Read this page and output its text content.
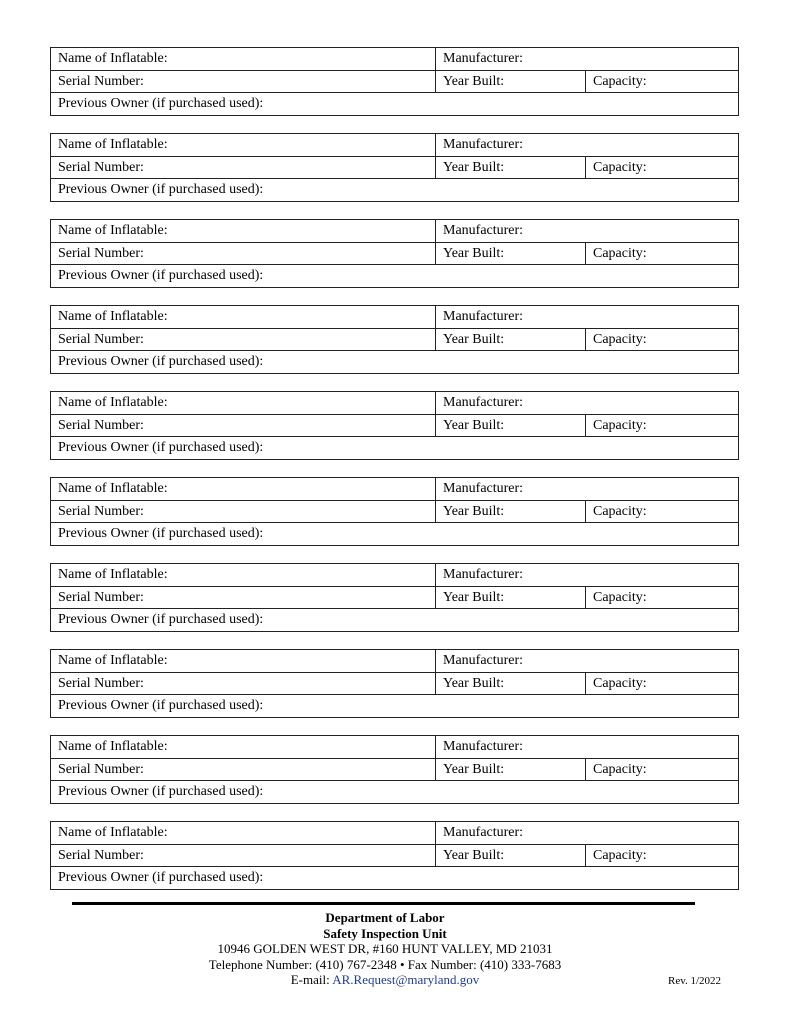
Name of Inflatable:	Manufacturer:	
Serial Number:	Year Built:	Capacity:
Previous Owner (if purchased used):		
Name of Inflatable:	Manufacturer:	
Serial Number:	Year Built:	Capacity:
Previous Owner (if purchased used):		
Name of Inflatable:	Manufacturer:	
Serial Number:	Year Built:	Capacity:
Previous Owner (if purchased used):		
Name of Inflatable:	Manufacturer:	
Serial Number:	Year Built:	Capacity:
Previous Owner (if purchased used):		
Name of Inflatable:	Manufacturer:	
Serial Number:	Year Built:	Capacity:
Previous Owner (if purchased used):		
Name of Inflatable:	Manufacturer:	
Serial Number:	Year Built:	Capacity:
Previous Owner (if purchased used):		
Name of Inflatable:	Manufacturer:	
Serial Number:	Year Built:	Capacity:
Previous Owner (if purchased used):		
Name of Inflatable:	Manufacturer:	
Serial Number:	Year Built:	Capacity:
Previous Owner (if purchased used):		
Name of Inflatable:	Manufacturer:	
Serial Number:	Year Built:	Capacity:
Previous Owner (if purchased used):		
Name of Inflatable:	Manufacturer:	
Serial Number:	Year Built:	Capacity:
Previous Owner (if purchased used):		
Department of Labor
Safety Inspection Unit
10946 GOLDEN WEST DR, #160 HUNT VALLEY, MD 21031
Telephone Number: (410) 767-2348 • Fax Number: (410) 333-7683
E-mail: AR.Request@maryland.gov	Rev. 1/2022
